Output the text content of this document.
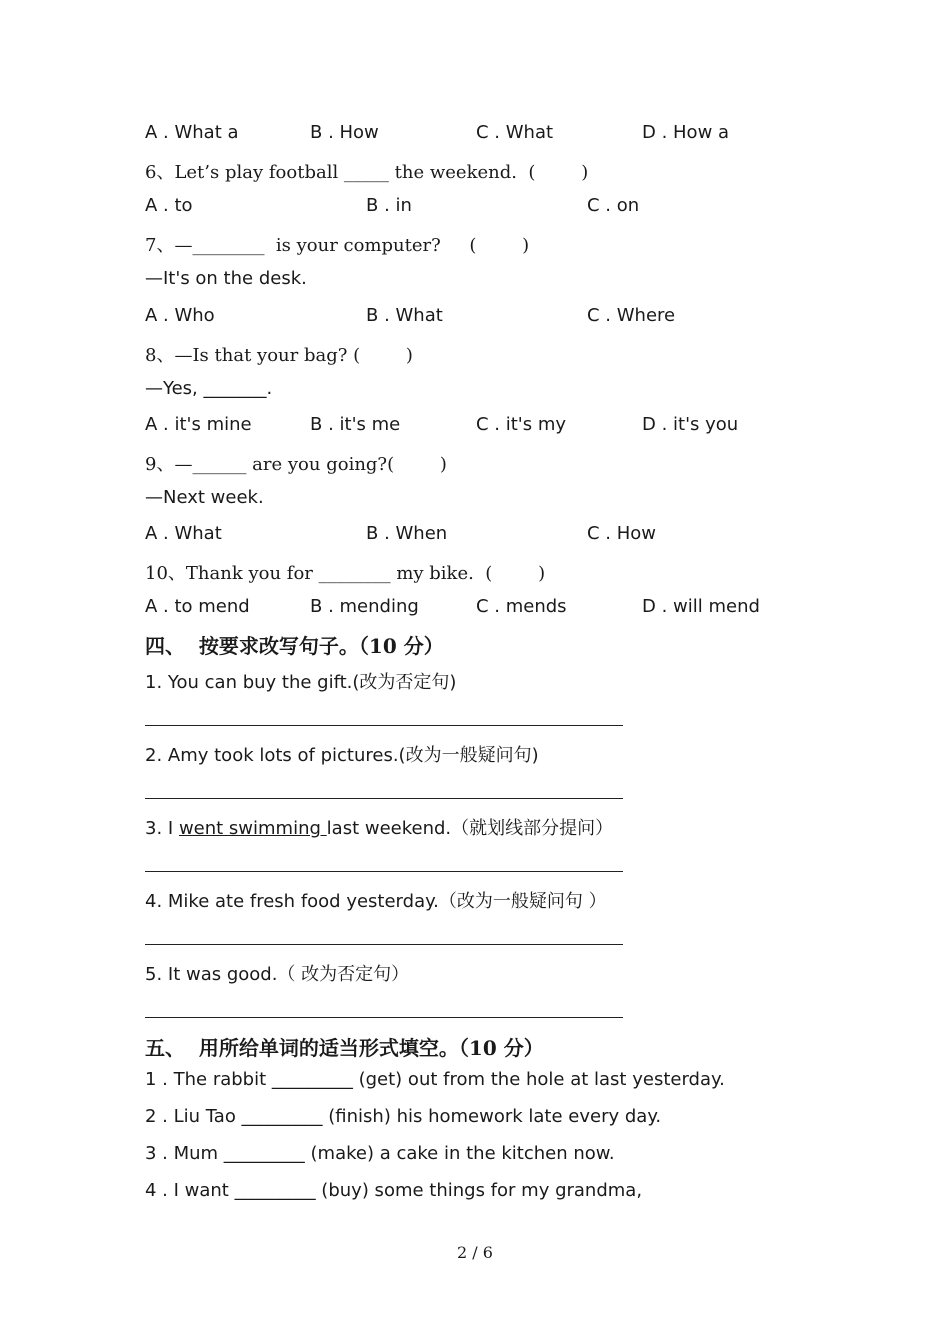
A . What a	B . How	C . What	D . How a
6、Let’s play football _____ the weekend.  (        )
A . to	B . in	C . on
7、—________  is your computer?     (        )
—It's on the desk.
A . Who	B . What	C . Where
8、—Is that your bag? (        )
—Yes, _______.
A . it's mine	B . it's me	C . it's my	D . it's you
9、—______ are you going?(        )
—Next week.
A . What	B . When	C . How
10、Thank you for ________ my bike.  (        )
A . to mend	B . mending	C . mends	D . will mend
四、  按要求改写句子。（10 分）
1. You can buy the gift.(改为否定句)
2. Amy took lots of pictures.(改为一般疑问句)
3. I went swimming last weekend.（就划线部分提问）
4. Mike ate fresh food yesterday.（改为一般疑问句 ）
5. It was good.（ 改为否定句）
五、  用所给单词的适当形式填空。（10 分）
1 . The rabbit _________ (get) out from the hole at last yesterday.
2 . Liu Tao _________ (finish) his homework late every day.
3 . Mum _________ (make) a cake in the kitchen now.
4 . I want _________ (buy) some things for my grandma,
2 / 6
